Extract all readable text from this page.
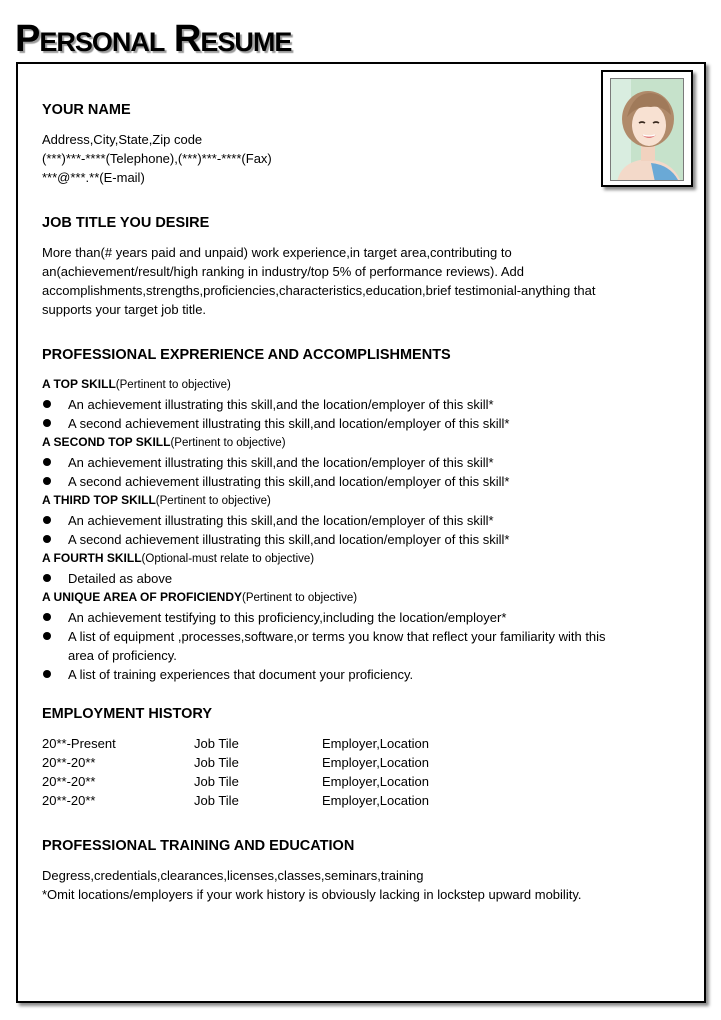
Personal Resume
YOUR NAME
Address,City,State,Zip code
(***)***-****(Telephone),(***)***-****(Fax)
***@***.**(E-mail)
JOB TITLE YOU DESIRE
More than(# years paid and unpaid) work experience,in target area,contributing to
an(achievement/result/high ranking in industry/top 5% of performance reviews). Add
accomplishments,strengths,proficiencies,characteristics,education,brief testimonial-anything that
supports your target job title.
PROFESSIONAL EXPRERIENCE AND ACCOMPLISHMENTS
A TOP SKILL(Pertinent to objective)
An achievement illustrating this skill,and the location/employer of this skill*
A second achievement illustrating this skill,and location/employer of this skill*
A SECOND TOP SKILL(Pertinent to objective)
An achievement illustrating this skill,and the location/employer of this skill*
A second achievement illustrating this skill,and location/employer of this skill*
A THIRD TOP SKILL(Pertinent to objective)
An achievement illustrating this skill,and the location/employer of this skill*
A second achievement illustrating this skill,and location/employer of this skill*
A FOURTH SKILL(Optional-must relate to objective)
Detailed as above
A UNIQUE AREA OF PROFICIENDY(Pertinent to objective)
An achievement testifying to this proficiency,including the location/employer*
A list of equipment ,processes,software,or terms you know that reflect your familiarity with this
area of proficiency.
A list of training experiences that document your proficiency.
EMPLOYMENT HISTORY
20**-Present	Job Tile	Employer,Location
20**-20**	Job Tile	Employer,Location
20**-20**	Job Tile	Employer,Location
20**-20**	Job Tile	Employer,Location
PROFESSIONAL TRAINING AND EDUCATION
Degress,credentials,clearances,licenses,classes,seminars,training
*Omit locations/employers if your work history is obviously lacking in lockstep upward mobility.
